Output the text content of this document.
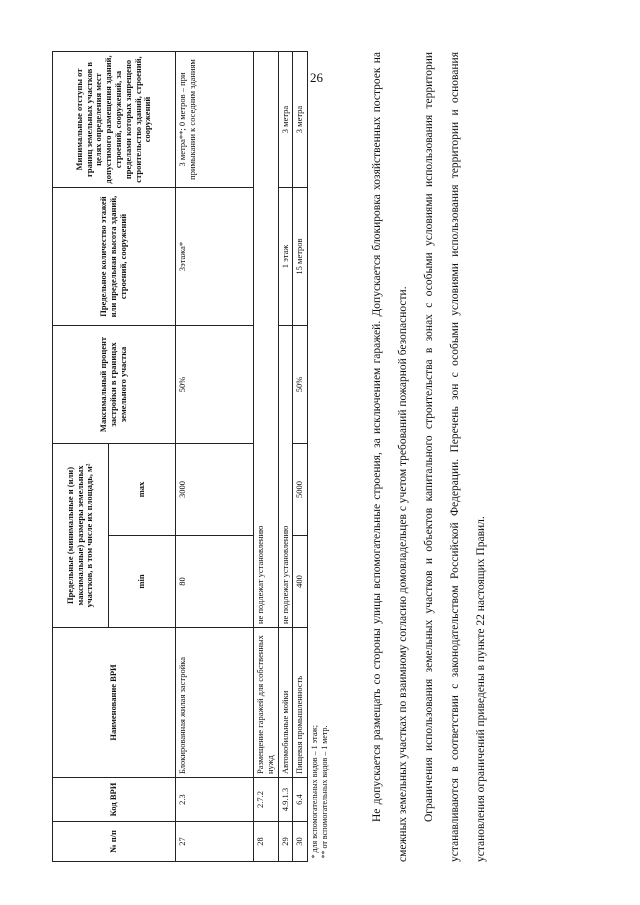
26
№ п/п	Код ВРИ	Наименование ВРИ	Предельные (минимальные и (или) максимальные) размеры земельных участков, в том числе их площадь, м²		Максимальный процент застройки в границах земельного участка	Предельное количество этажей или предельная высота зданий, строений, сооружений	Минимальные отступы от границ земельных участков в целях определения мест допустимого размещения зданий, строений, сооружений, за пределами которых запрещено строительство зданий, строений, сооружений
			min	max			
27	2.3	Блокированная жилая застройка	80	3000	50%	3этажа*	3 метра**; 0 метров – при примыкании к соседним зданиям
28	2.7.2	Размещение гаражей для собственных нужд	не подлежат установлению				
29	4.9.1.3	Автомобильные мойки	не подлежат установлению			1 этаж	3 метра
30	6.4	Пищевая промышленность	400	5000	50%	15 метров	3 метра

* для вспомогательных видов – 1 этаж; ** от вспомогательных видов – 1 метр.								Не допускается размещать со стороны улицы вспомогательные строения, за исключением гаражей. Допускается блокировка хозяйственных построек на смежных земельных участках по взаимному согласию домовладельцев с учетом требований пожарной безопасности.	Ограничения использования земельных участков и объектов капитального строительства в зонах с особыми условиями использования территории устанавливаются в соответствии с законодательством Российской Федерации. Перечень зон с особыми условиями использования территории и основания установления ограничений приведены в пункте 22 настоящих Правил.
